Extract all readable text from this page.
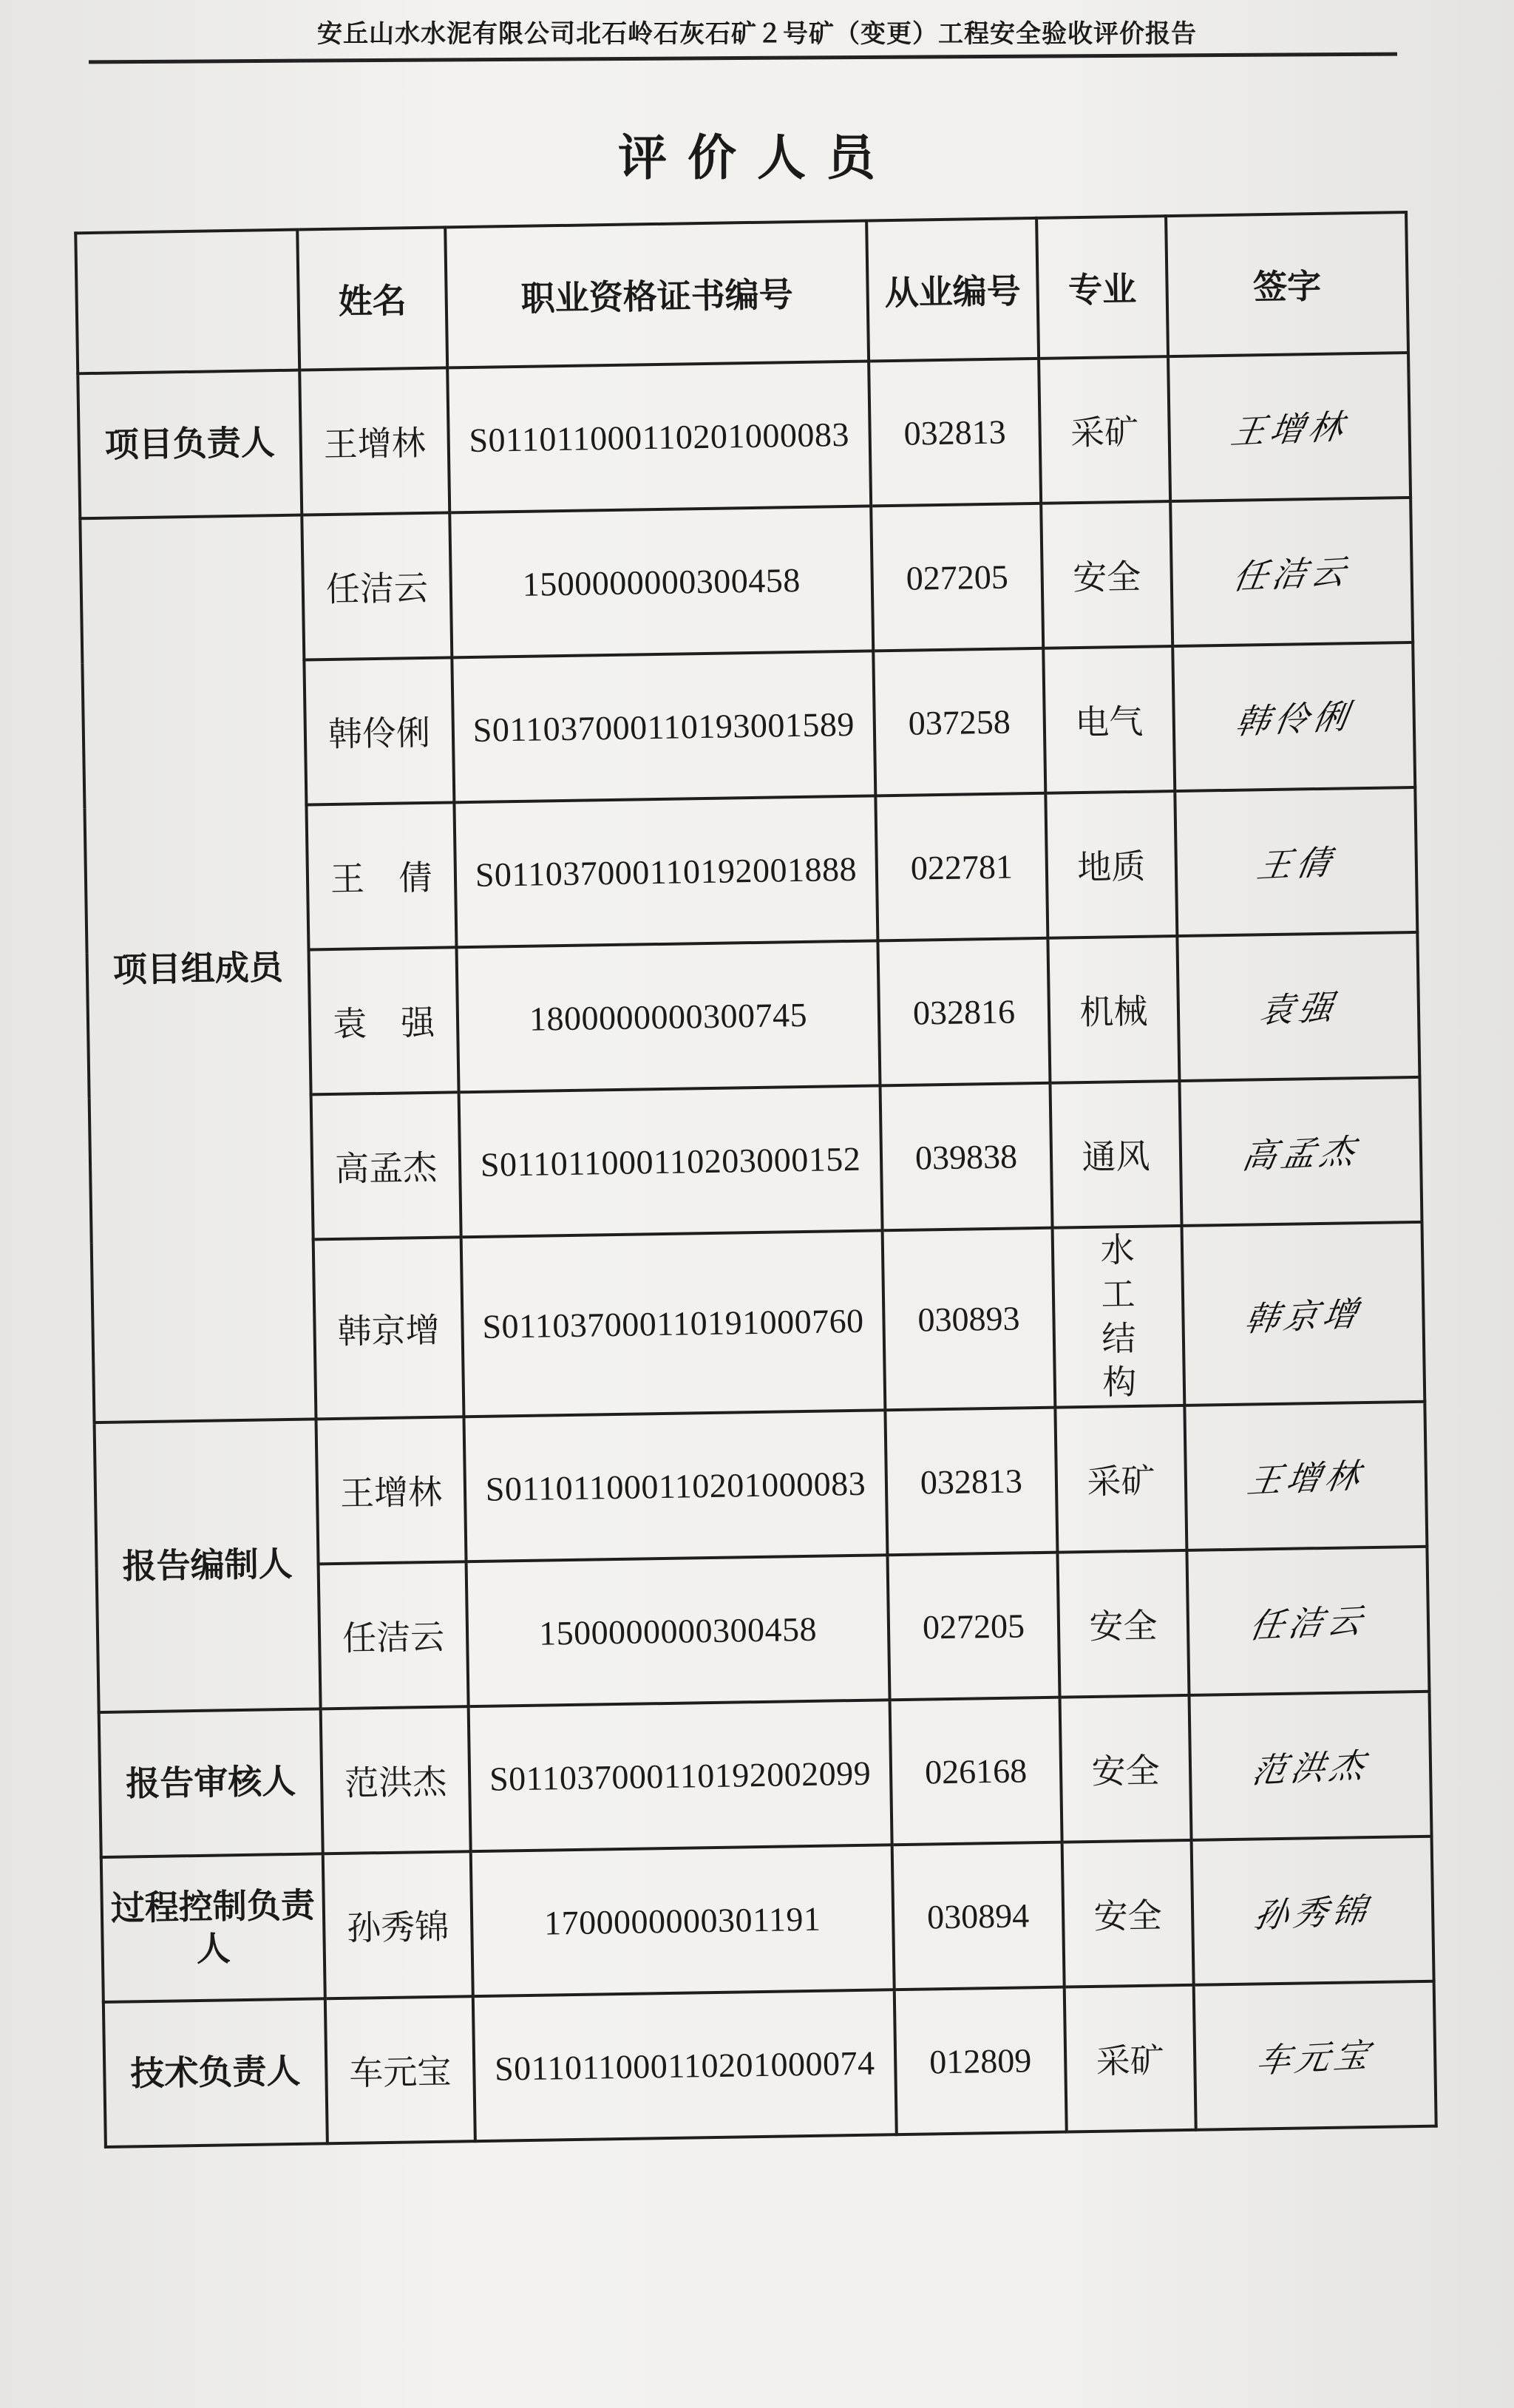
安丘山水水泥有限公司北石岭石灰石矿２号矿（变更）工程安全验收评价报告
评价人员
	姓名	职业资格证书编号	从业编号	专业	签字
项目负责人	王增林	S011011000110201000083	032813	采矿	王增林
项目组成员	任洁云	1500000000300458	027205	安全	任洁云
	韩伶俐	S011037000110193001589	037258	电气	韩伶俐
	王　倩	S011037000110192001888	022781	地质	王倩
	袁　强	1800000000300745	032816	机械	袁强
	高孟杰	S011011000110203000152	039838	通风	高孟杰
	韩京增	S011037000110191000760	030893	水工结构	韩京增
报告编制人	王增林	S011011000110201000083	032813	采矿	王增林
	任洁云	1500000000300458	027205	安全	任洁云
报告审核人	范洪杰	S011037000110192002099	026168	安全	范洪杰
过程控制负责人	孙秀锦	1700000000301191	030894	安全	孙秀锦
技术负责人	车元宝	S011011000110201000074	012809	采矿	车元宝
